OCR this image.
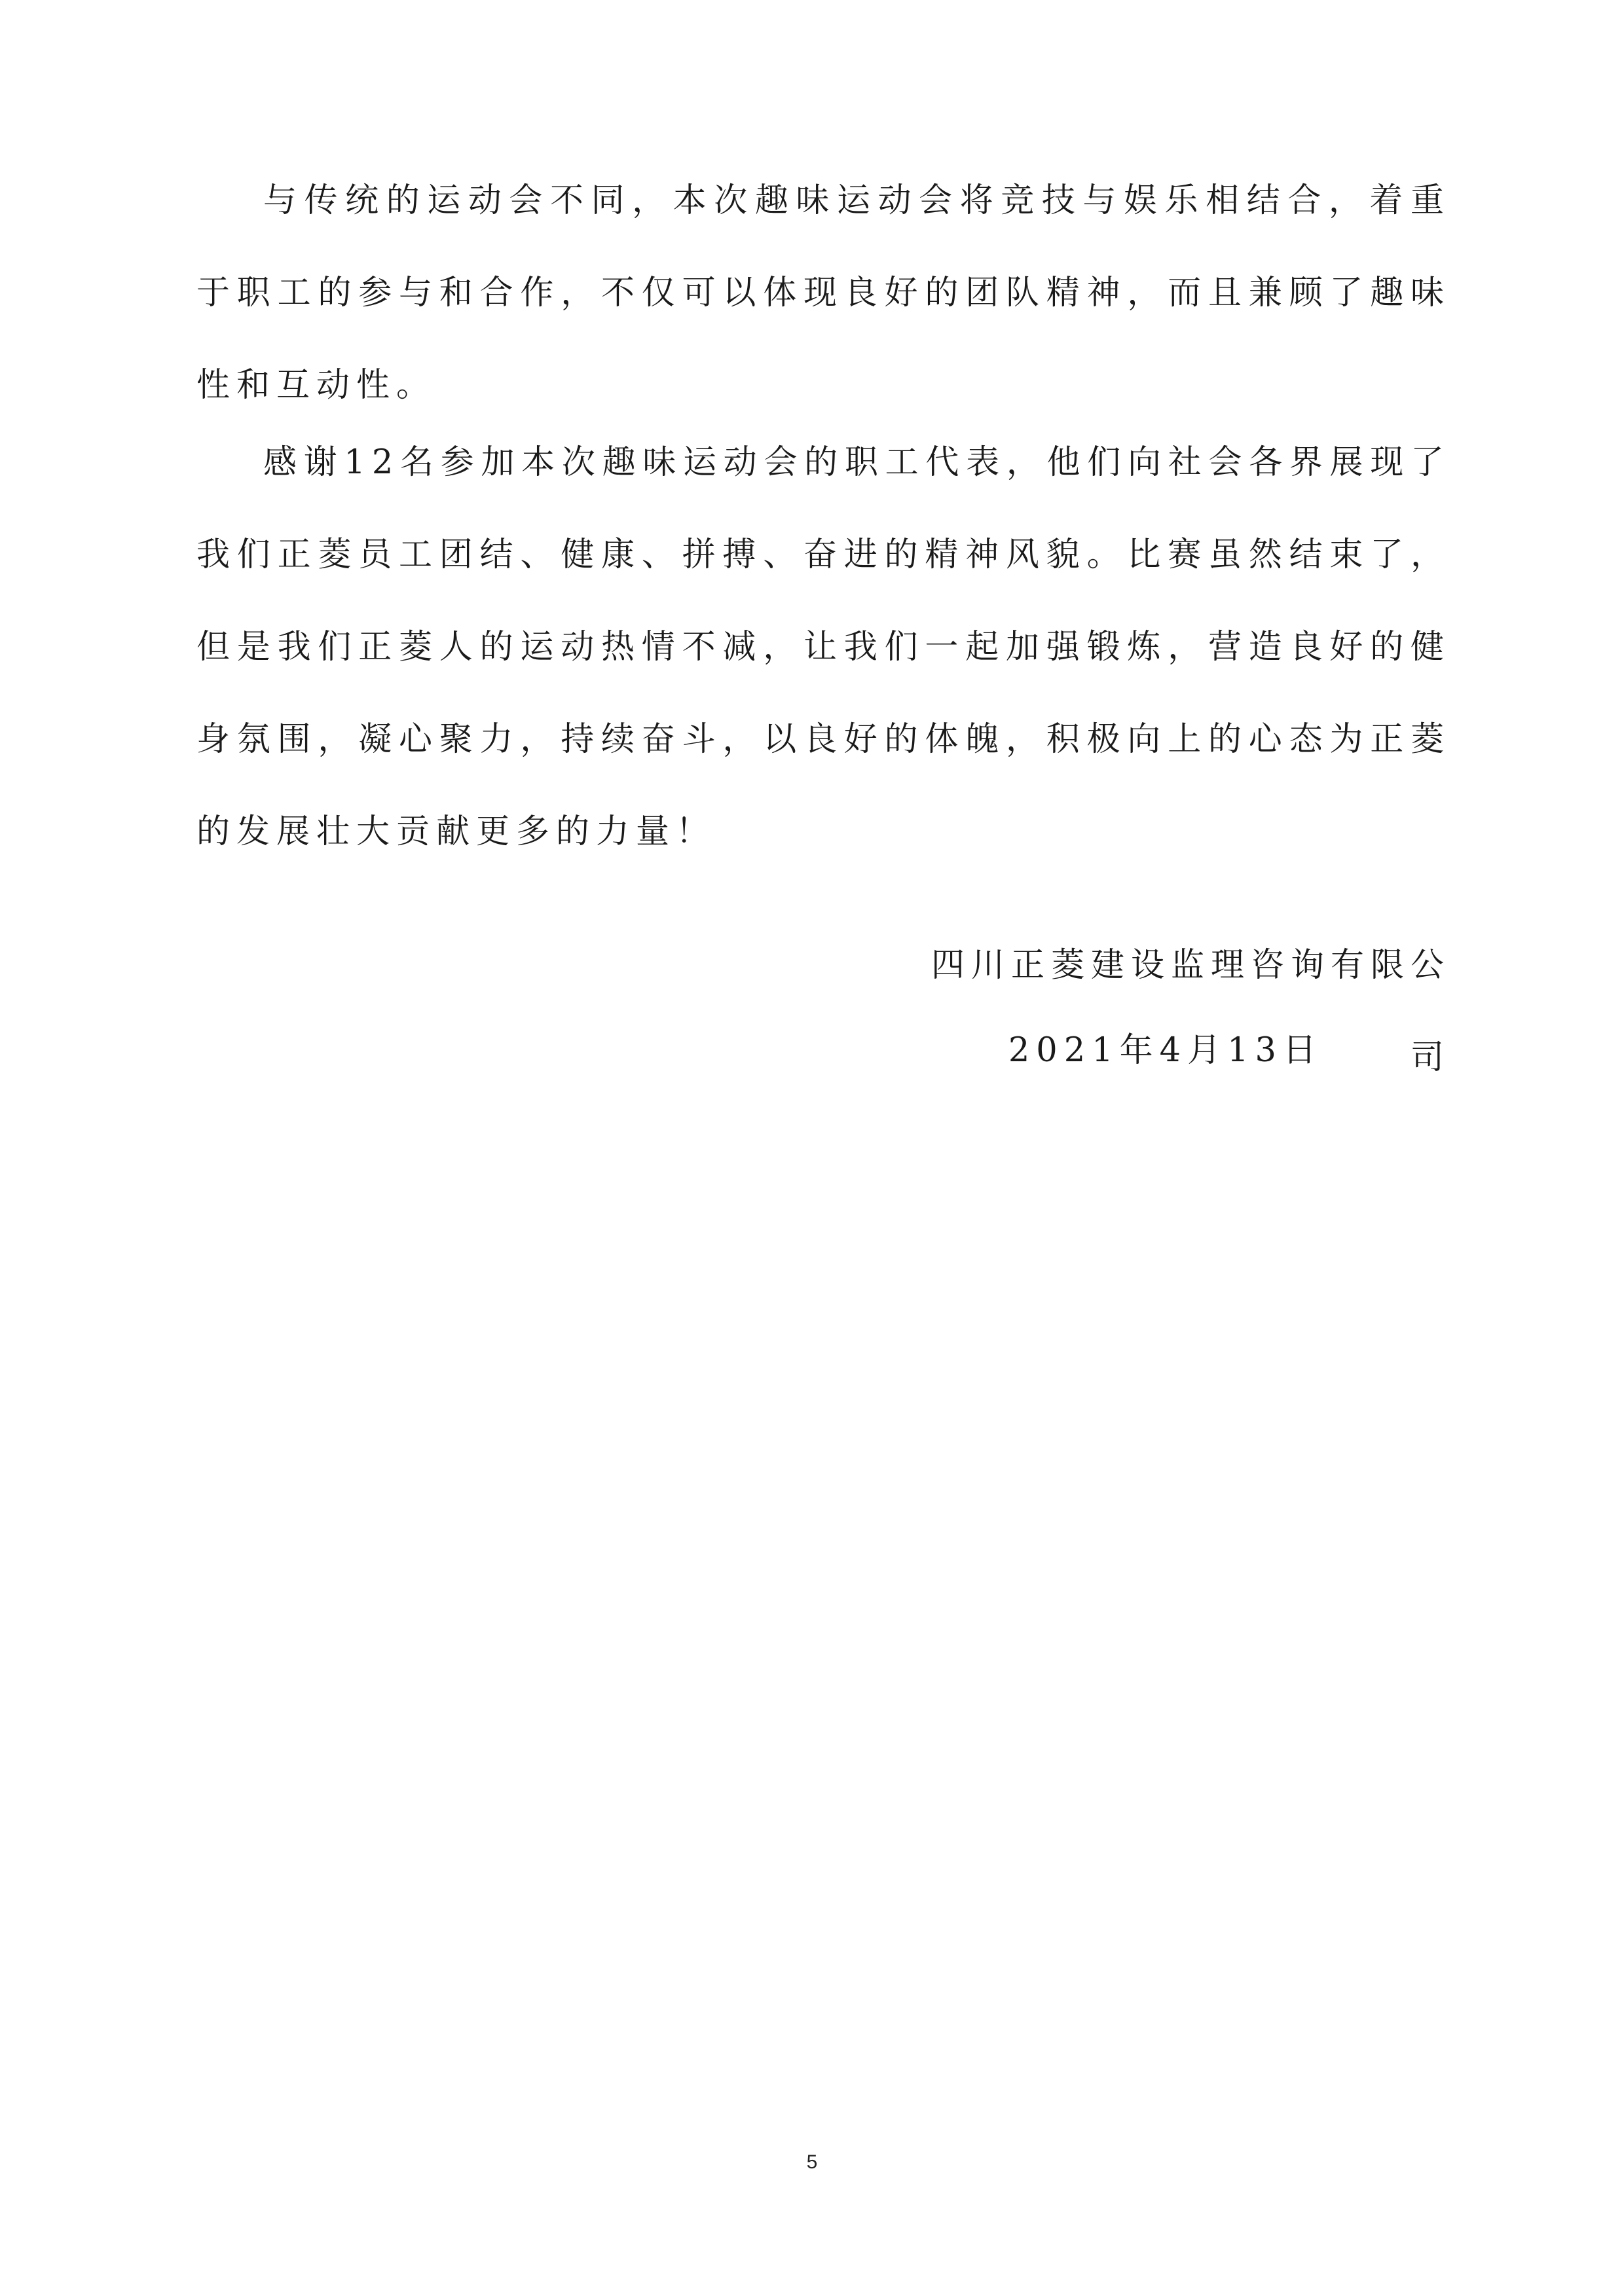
与传统的运动会不同，本次趣味运动会将竞技与娱乐相结合，着重于职工的参与和合作，不仅可以体现良好的团队精神，而且兼顾了趣味性和互动性。

感谢12名参加本次趣味运动会的职工代表，他们向社会各界展现了我们正菱员工团结、健康、拼搏、奋进的精神风貌。比赛虽然结束了，但是我们正菱人的运动热情不减，让我们一起加强锻炼，营造良好的健身氛围，凝心聚力，持续奋斗，以良好的体魄，积极向上的心态为正菱的发展壮大贡献更多的力量！

四川正菱建设监理咨询有限公司

2021年4月13日

5
